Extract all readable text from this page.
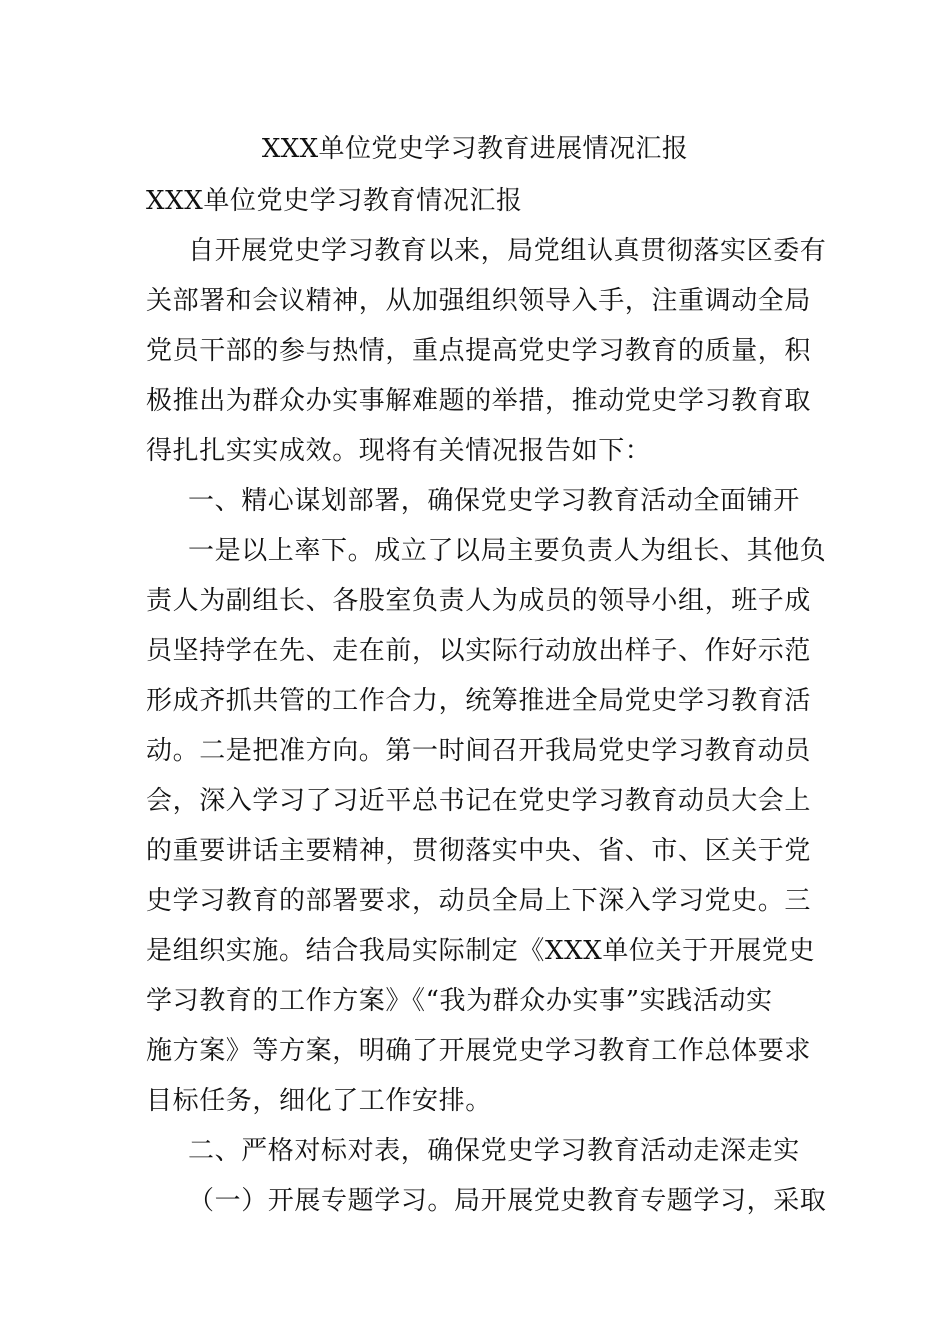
XXX单位党史学习教育进展情况汇报
XXX单位党史学习教育情况汇报
自开展党史学习教育以来，局党组认真贯彻落实区委有
关部署和会议精神，从加强组织领导入手，注重调动全局
党员干部的参与热情，重点提高党史学习教育的质量，积
极推出为群众办实事解难题的举措，推动党史学习教育取
得扎扎实实成效。现将有关情况报告如下：
一、精心谋划部署，确保党史学习教育活动全面铺开
一是以上率下。成立了以局主要负责人为组长、其他负
责人为副组长、各股室负责人为成员的领导小组，班子成
员坚持学在先、走在前，以实际行动放出样子、作好示范
形成齐抓共管的工作合力，统筹推进全局党史学习教育活
动。二是把准方向。第一时间召开我局党史学习教育动员
会，深入学习了习近平总书记在党史学习教育动员大会上
的重要讲话主要精神，贯彻落实中央、省、市、区关于党
史学习教育的部署要求，动员全局上下深入学习党史。三
是组织实施。结合我局实际制定《XXX单位关于开展党史
学习教育的工作方案》《“我为群众办实事”实践活动实
施方案》等方案，明确了开展党史学习教育工作总体要求
目标任务，细化了工作安排。
二、严格对标对表，确保党史学习教育活动走深走实
（一）开展专题学习。局开展党史教育专题学习，采取
